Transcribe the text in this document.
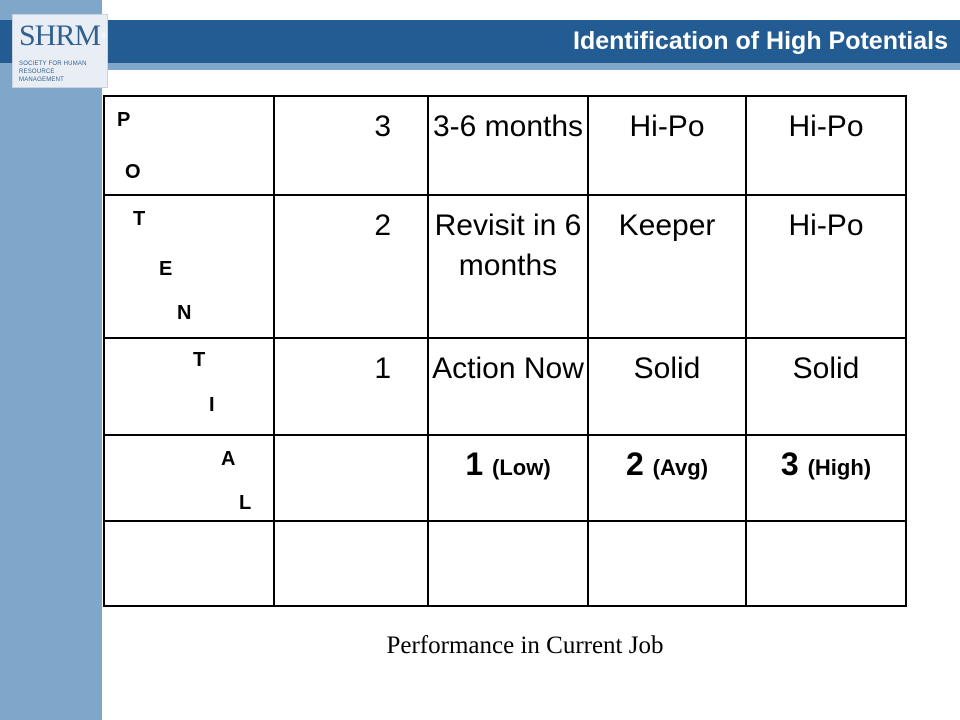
SHRM ®
SOCIETY FOR HUMAN
RESOURCE MANAGEMENT
Identification of High Potentials
P
O	3	3-6 months	Hi-Po	Hi-Po

T
E
N	2	Revisit in 6 months	Keeper	Hi-Po

T
I	1	Action Now	Solid	Solid

A
L		1 (Low)	2 (Avg)	3 (High)

Performance in Current Job
